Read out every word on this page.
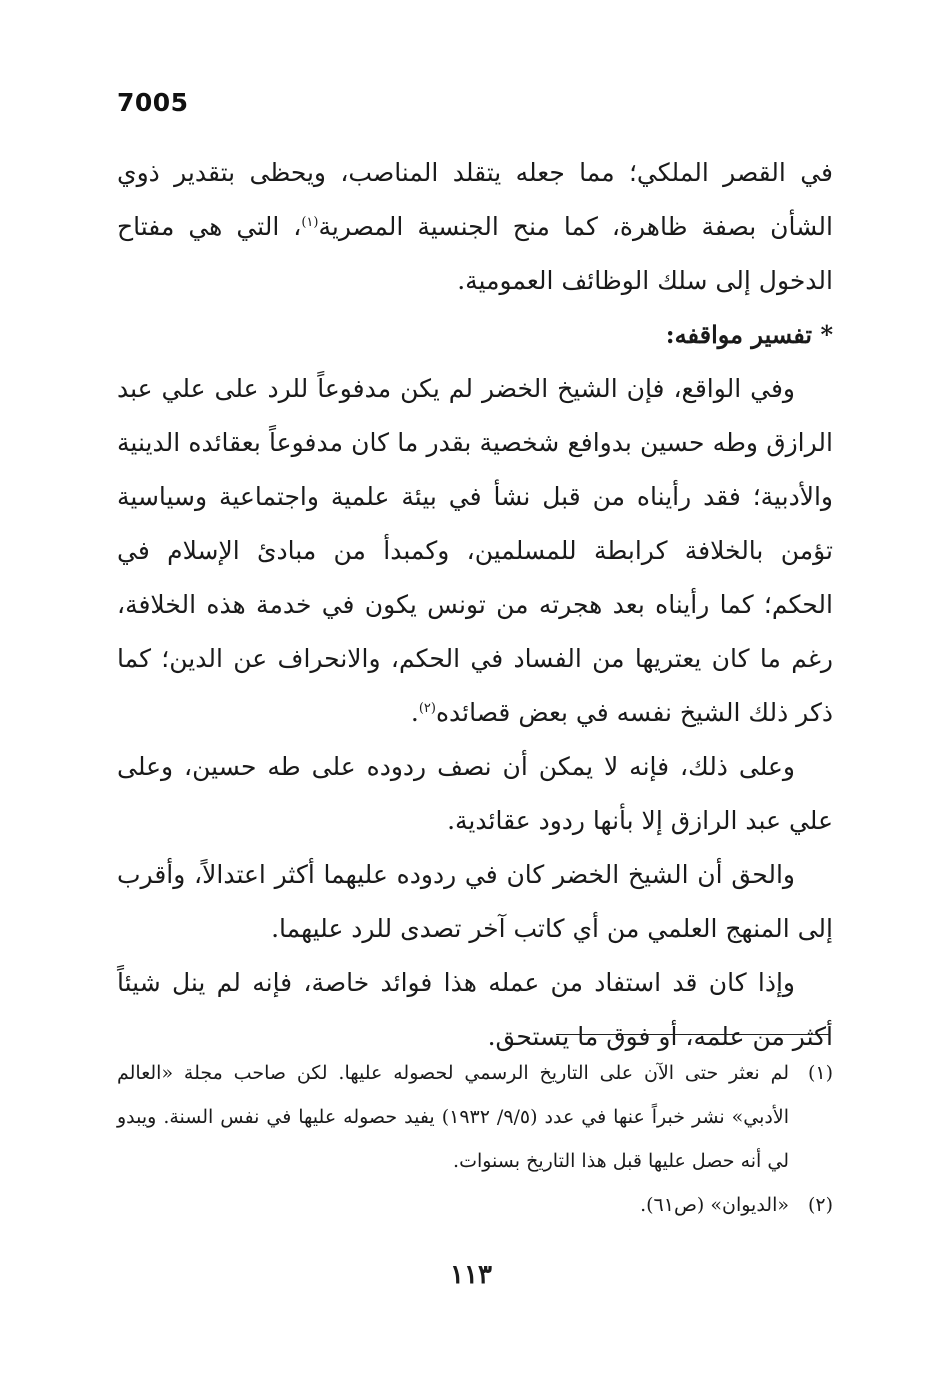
7005

في القصر الملكي؛ مما جعله يتقلد المناصب، ويحظى بتقدير ذوي الشأن بصفة ظاهرة، كما منح الجنسية المصرية$^{(١)}$، التي هي مفتاح الدخول إلى سلك الوظائف العمومية.

* تفسير مواقفه:

وفي الواقع، فإن الشيخ الخضر لم يكن مدفوعاً للرد على علي عبد الرازق وطه حسين بدوافع شخصية بقدر ما كان مدفوعاً بعقائده الدينية والأدبية؛ فقد رأيناه من قبل نشأ في بيئة علمية واجتماعية وسياسية تؤمن بالخلافة كرابطة للمسلمين، وكمبدأ من مبادئ الإسلام في الحكم؛ كما رأيناه بعد هجرته من تونس يكون في خدمة هذه الخلافة، رغم ما كان يعتريها من الفساد في الحكم، والانحراف عن الدين؛ كما ذكر ذلك الشيخ نفسه في بعض قصائده$^{(٢)}$.

وعلى ذلك، فإنه لا يمكن أن نصف ردوده على طه حسين، وعلى علي عبد الرازق إلا بأنها ردود عقائدية.

والحق أن الشيخ الخضر كان في ردوده عليهما أكثر اعتدالاً، وأقرب إلى المنهج العلمي من أي كاتب آخر تصدى للرد عليهما.

وإذا كان قد استفاد من عمله هذا فوائد خاصة، فإنه لم ينل شيئاً أكثر من علمه، أو فوق ما يستحق.

(١)
لم نعثر حتى الآن على التاريخ الرسمي لحصوله عليها. لكن صاحب مجلة «العالم الأدبي» نشر خبراً عنها في عدد (٩/٥/ ١٩٣٢) يفيد حصوله عليها في نفس السنة. ويبدو لي أنه حصل عليها قبل هذا التاريخ بسنوات.
(٢)
«الديوان» (ص٦١).
١١٣
